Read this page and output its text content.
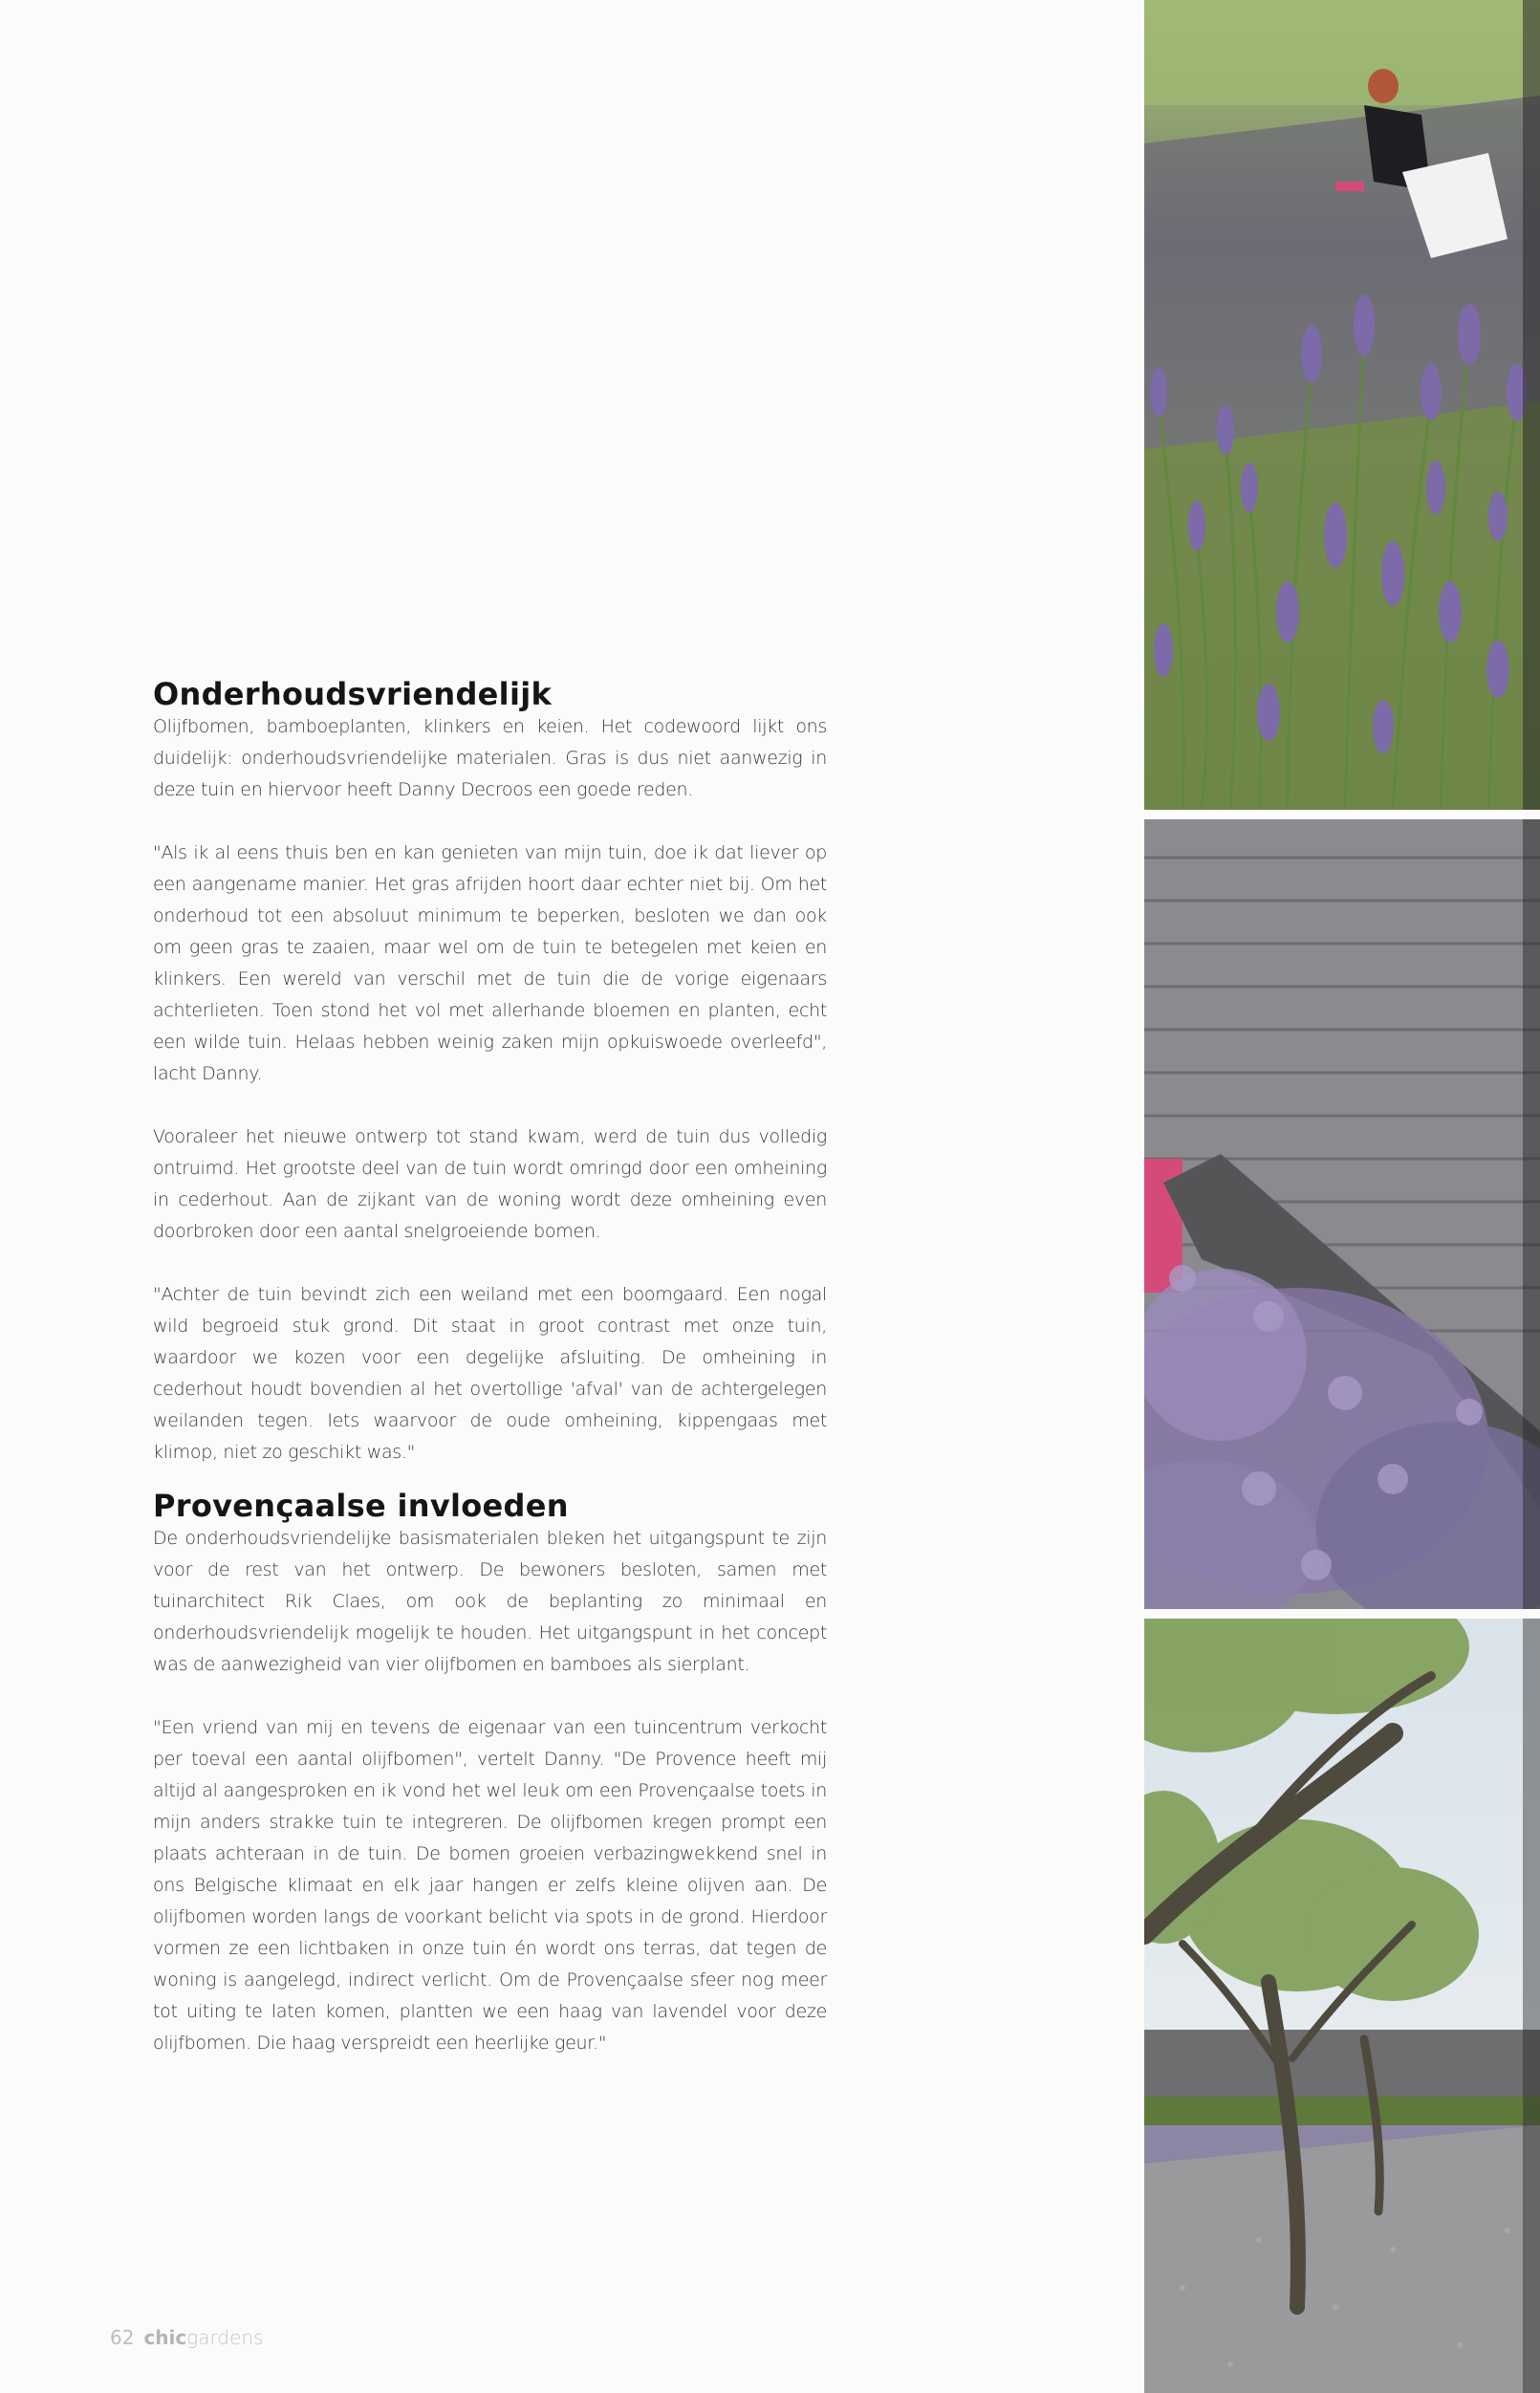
Onderhoudsvriendelijk

Olijfbomen, bamboeplanten, klinkers en keien. Het codewoord lijkt ons duidelijk: onderhoudsvriendelijke materialen. Gras is dus niet aanwezig in deze tuin en hiervoor heeft Danny Decroos een goede reden.

"Als ik al eens thuis ben en kan genieten van mijn tuin, doe ik dat liever op een aangename manier. Het gras afrijden hoort daar echter niet bij. Om het onderhoud tot een absoluut minimum te beperken, besloten we dan ook om geen gras te zaaien, maar wel om de tuin te betegelen met keien en klinkers. Een wereld van verschil met de tuin die de vorige eigenaars achterlieten. Toen stond het vol met allerhande bloemen en planten, echt een wilde tuin. Helaas hebben weinig zaken mijn opkuiswoede overleefd", lacht Danny.

Vooraleer het nieuwe ontwerp tot stand kwam, werd de tuin dus volledig ontruimd. Het grootste deel van de tuin wordt omringd door een omheining in cederhout. Aan de zijkant van de woning wordt deze omheining even doorbroken door een aantal snelgroeiende bomen.

"Achter de tuin bevindt zich een weiland met een boomgaard. Een nogal wild begroeid stuk grond. Dit staat in groot contrast met onze tuin, waardoor we kozen voor een degelijke afsluiting. De omheining in cederhout houdt bovendien al het overtollige 'afval' van de achtergelegen weilanden tegen. Iets waarvoor de oude omheining, kippengaas met klimop, niet zo geschikt was."

Provençaalse invloeden

De onderhoudsvriendelijke basismaterialen bleken het uitgangspunt te zijn voor de rest van het ontwerp. De bewoners besloten, samen met tuinarchitect Rik Claes, om ook de beplanting zo minimaal en onderhoudsvriendelijk mogelijk te houden. Het uitgangspunt in het concept was de aanwezigheid van vier olijfbomen en bamboes als sierplant.

"Een vriend van mij en tevens de eigenaar van een tuincentrum verkocht per toeval een aantal olijfbomen", vertelt Danny. "De Provence heeft mij altijd al aangesproken en ik vond het wel leuk om een Provençaalse toets in mijn anders strakke tuin te integreren. De olijfbomen kregen prompt een plaats achteraan in de tuin. De bomen groeien verbazingwekkend snel in ons Belgische klimaat en elk jaar hangen er zelfs kleine olijven aan. De olijfbomen worden langs de voorkant belicht via spots in de grond. Hierdoor vormen ze een lichtbaken in onze tuin én wordt ons terras, dat tegen de woning is aangelegd, indirect verlicht. Om de Provençaalse sfeer nog meer tot uiting te laten komen, plantten we een haag van lavendel voor deze olijfbomen. Die haag verspreidt een heerlijke geur."

62 chicgardens
